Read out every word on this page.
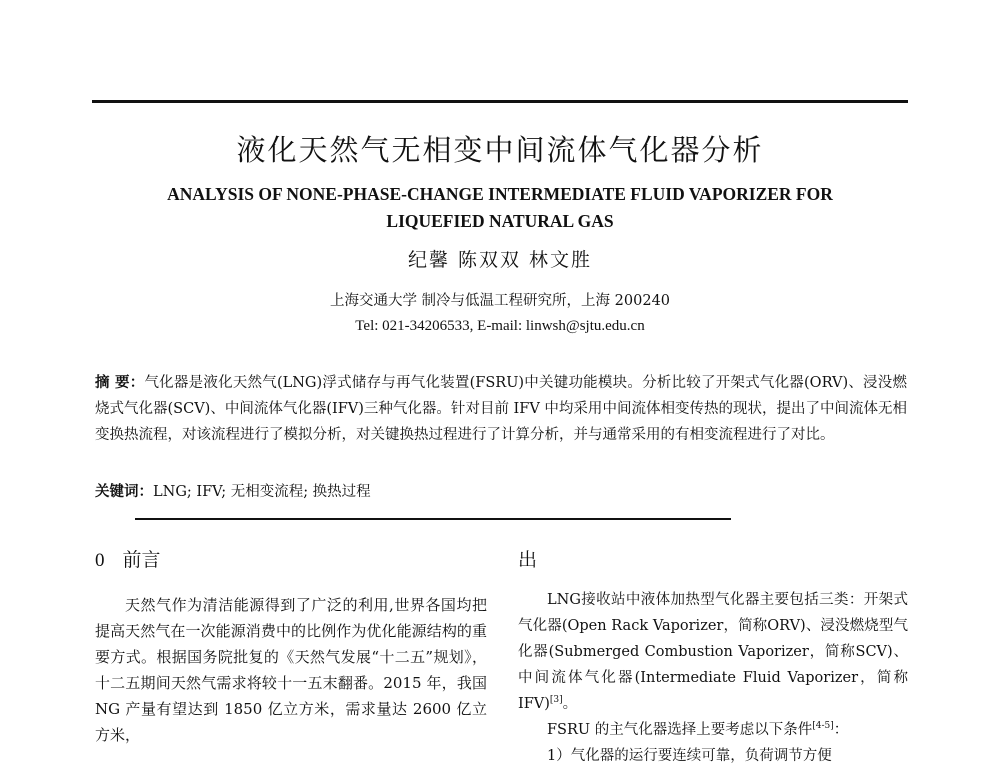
液化天然气无相变中间流体气化器分析
ANALYSIS OF NONE-PHASE-CHANGE INTERMEDIATE FLUID VAPORIZER FOR
LIQUEFIED NATURAL GAS
纪馨 陈双双 林文胜
上海交通大学 制冷与低温工程研究所，上海 200240
Tel: 021-34206533, E-mail: linwsh@sjtu.edu.cn
摘 要：气化器是液化天然气(LNG)浮式储存与再气化装置(FSRU)中关键功能模块。分析比较了开架式气化器(ORV)、浸没燃烧式气化器(SCV)、中间流体气化器(IFV)三种气化器。针对目前 IFV 中均采用中间流体相变传热的现状，提出了中间流体无相变换热流程，对该流程进行了模拟分析，对关键换热过程进行了计算分析，并与通常采用的有相变流程进行了对比。
关键词：LNG; IFV; 无相变流程; 换热过程
0 前言

天然气作为清洁能源得到了广泛的利用,世界各国均把提高天然气在一次能源消费中的比例作为优化能源结构的重要方式。根据国务院批复的《天然气发展“十二五”规划》，十二五期间天然气需求将较十一五末翻番。2015 年，我国 NG 产量有望达到 1850 亿立方米，需求量达 2600 亿立方米，

出

LNG接收站中液体加热型气化器主要包括三类：开架式气化器(Open Rack Vaporizer，简称ORV)、浸没燃烧型气化器(Submerged Combustion Vaporizer，简称SCV)、中间流体气化器(Intermediate Fluid Vaporizer，简称IFV)[3]。

FSRU 的主气化器选择上要考虑以下条件[4-5]：

1）气化器的运行要连续可靠，负荷调节方便
